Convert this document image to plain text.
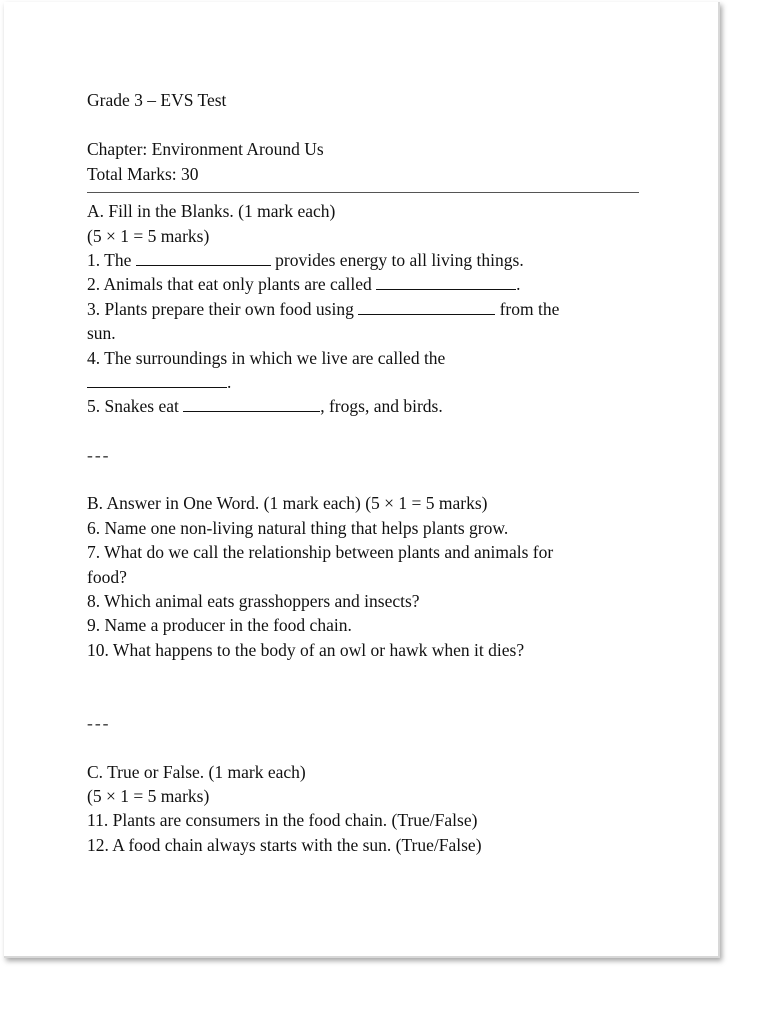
Grade 3 – EVS Test
Chapter: Environment Around Us
Total Marks: 30
A. Fill in the Blanks. (1 mark each)
(5 × 1 = 5 marks)
1. The	provides energy to all living things.
2. Animals that eat only plants are called	.
3. Plants prepare their own food using	from the
sun.
4. The surroundings in which we live are called the
.
5. Snakes eat	, frogs, and birds.
---
B. Answer in One Word. (1 mark each) (5 × 1 = 5 marks)
6. Name one non-living natural thing that helps plants grow.
7. What do we call the relationship between plants and animals for
food?
8. Which animal eats grasshoppers and insects?
9. Name a producer in the food chain.
10. What happens to the body of an owl or hawk when it dies?
---
C. True or False. (1 mark each)
(5 × 1 = 5 marks)
11. Plants are consumers in the food chain. (True/False)
12. A food chain always starts with the sun. (True/False)
